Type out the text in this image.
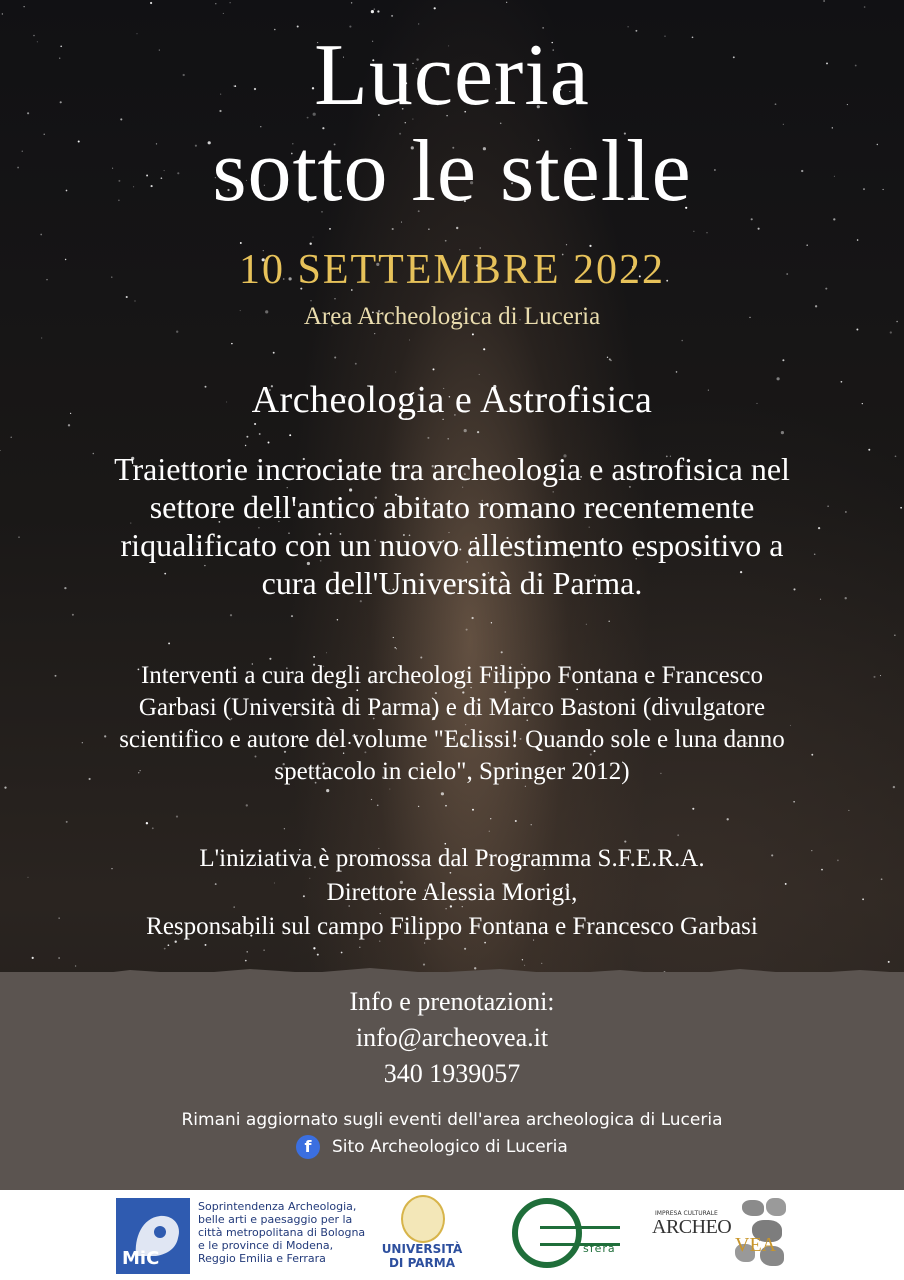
Luceria
sotto le stelle
10 SETTEMBRE 2022
Area Archeologica di Luceria
Archeologia e Astrofisica
Traiettorie incrociate tra archeologia e astrofisica nel
settore dell'antico abitato romano recentemente
riqualificato con un nuovo allestimento espositivo a
cura dell'Università di Parma.
Interventi a cura degli archeologi Filippo Fontana e Francesco
Garbasi (Università di Parma) e di Marco Bastoni (divulgatore
scientifico e autore del volume "Eclissi! Quando sole e luna danno
spettacolo in cielo", Springer 2012)
L'iniziativa è promossa dal Programma S.F.E.R.A.
Direttore Alessia Morigi,
Responsabili sul campo Filippo Fontana e Francesco Garbasi
Info e prenotazioni:
info@archeovea.it
340 1939057
Rimani aggiornato sugli eventi dell'area archeologica di Luceria
f	Sito Archeologico di Luceria
MiC
Soprintendenza Archeologia, belle arti e paesaggio per la città metropolitana di Bologna e le province di Modena, Reggio Emilia e Ferrara
UNIVERSITÀ
DI PARMA
sfera
IMPRESA CULTURALE
ARCHEO
VEA
